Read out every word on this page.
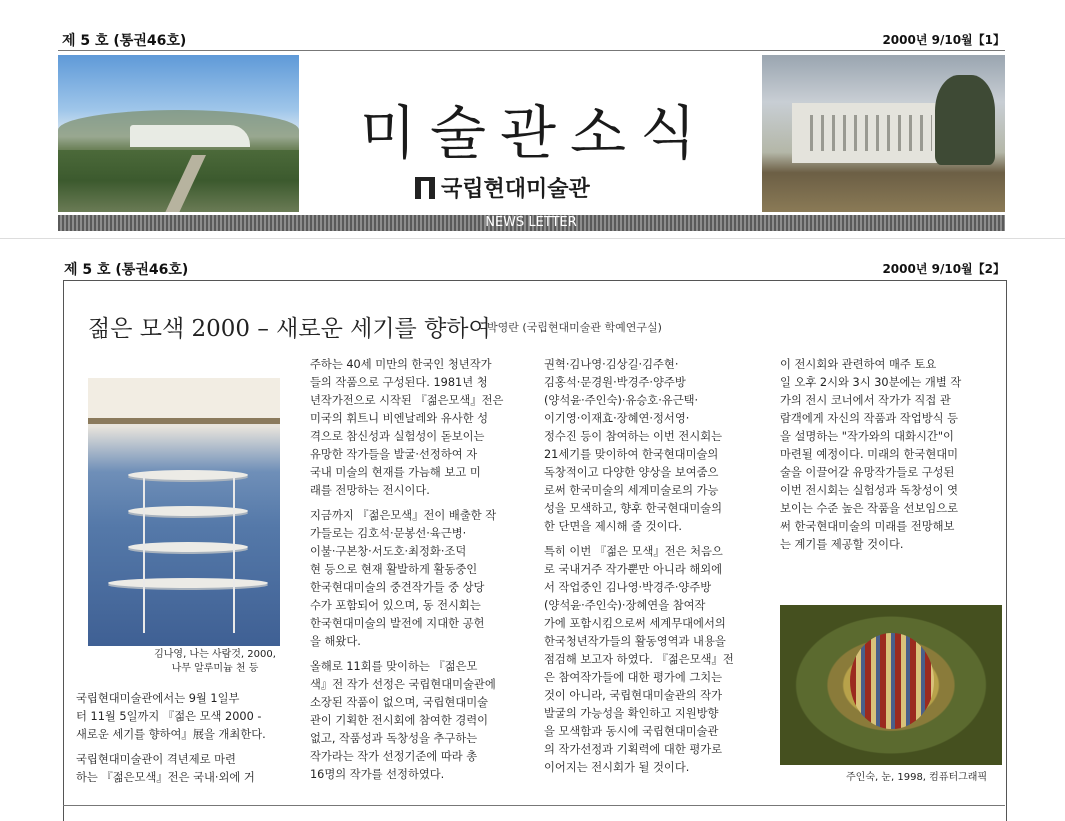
제 5 호 (통권46호)	2000년 9/10월【1】
미술관소식
국립현대미술관
NEWS LETTER
제 5 호 (통권46호)	2000년 9/10월【2】
젊은 모색 2000 – 새로운 세기를 향하여
박영란 (국립현대미술관 학예연구실)
김나영, 나는 사람것, 2000,
나무 알루미늄 천 등

국립현대미술관에서는 9월 1일부
터 11월 5일까지 『젊은 모색 2000 -
새로운 세기를 향하여』展을 개최한다.

국립현대미술관이 격년제로 마련
하는 『젊은모색』전은 국내·외에 거

주하는 40세 미만의 한국인 청년작가
들의 작품으로 구성된다. 1981년 청
년작가전으로 시작된 『젊은모색』전은
미국의 휘트니 비엔날레와 유사한 성
격으로 참신성과 실험성이 돋보이는
유망한 작가들을 발굴·선정하여 자
국내 미술의 현재를 가늠해 보고 미
래를 전망하는 전시이다.

지금까지 『젊은모색』전이 배출한 작
가들로는 김호석·문봉선·육근병·
이불·구본창·서도호·최정화·조덕
현 등으로 현재 활발하게 활동중인
한국현대미술의 중견작가들 중 상당
수가 포함되어 있으며, 동 전시회는
한국현대미술의 발전에 지대한 공헌
을 해왔다.

올해로 11회를 맞이하는 『젊은모
색』전 작가 선정은 국립현대미술관에
소장된 작품이 없으며, 국립현대미술
관이 기획한 전시회에 참여한 경력이
없고, 작품성과 독창성을 추구하는
작가라는 작가 선정기준에 따라 총
16명의 작가를 선정하였다.

권혁·김나영·김상길·김주현·
김홍석·문경원·박경주·양주방
(양석윤·주인숙)·유승호·유근택·
이기영·이재효·장혜연·정서영·
정수진 등이 참여하는 이번 전시회는
21세기를 맞이하여 한국현대미술의
독창적이고 다양한 양상을 보여줌으
로써 한국미술의 세계미술로의 가능
성을 모색하고, 향후 한국현대미술의
한 단면을 제시해 줄 것이다.

특히 이번 『젊은 모색』전은 처음으
로 국내거주 작가뿐만 아니라 해외에
서 작업중인 김나영·박경주·양주방
(양석윤·주인숙)·장혜연을 참여작
가에 포함시킴으로써 세계무대에서의
한국청년작가들의 활동영역과 내용을
점검해 보고자 하였다. 『젊은모색』전
은 참여작가들에 대한 평가에 그치는
것이 아니라, 국립현대미술관의 작가
발굴의 가능성을 확인하고 지원방향
을 모색함과 동시에 국립현대미술관
의 작가선정과 기획력에 대한 평가로
이어지는 전시회가 될 것이다.

이 전시회와 관련하여 매주 토요
일 오후 2시와 3시 30분에는 개별 작
가의 전시 코너에서 작가가 직접 관
람객에게 자신의 작품과 작업방식 등
을 설명하는 "작가와의 대화시간"이
마련될 예정이다. 미래의 한국현대미
술을 이끌어갈 유망작가들로 구성된
이번 전시회는 실험성과 독창성이 엿
보이는 수준 높은 작품을 선보임으로
써 한국현대미술의 미래를 전망해보
는 계기를 제공할 것이다.

주인숙, 눈, 1998, 컴퓨터그래픽
